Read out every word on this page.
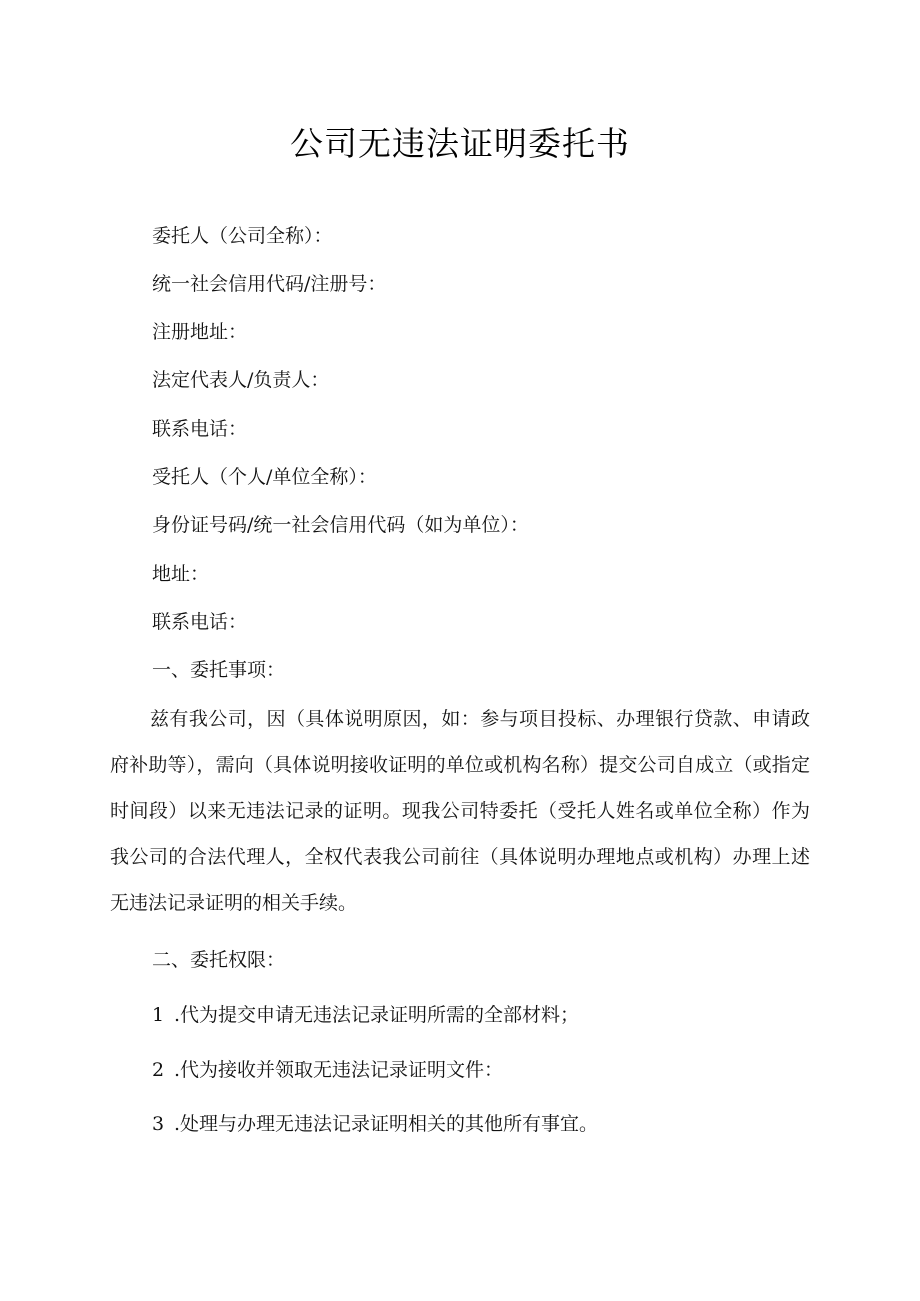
公司无违法证明委托书
委托人（公司全称）：
统一社会信用代码/注册号：
注册地址：
法定代表人/负责人：
联系电话：
受托人（个人/单位全称）：
身份证号码/统一社会信用代码（如为单位）：
地址：
联系电话：
一、委托事项：
兹有我公司，因（具体说明原因，如：参与项目投标、办理银行贷款、申请政府补助等），需向（具体说明接收证明的单位或机构名称）提交公司自成立（或指定时间段）以来无违法记录的证明。现我公司特委托（受托人姓名或单位全称）作为我公司的合法代理人，全权代表我公司前往（具体说明办理地点或机构）办理上述无违法记录证明的相关手续。
二、委托权限：
1 .代为提交申请无违法记录证明所需的全部材料；
2 .代为接收并领取无违法记录证明文件：
3 .处理与办理无违法记录证明相关的其他所有事宜。
